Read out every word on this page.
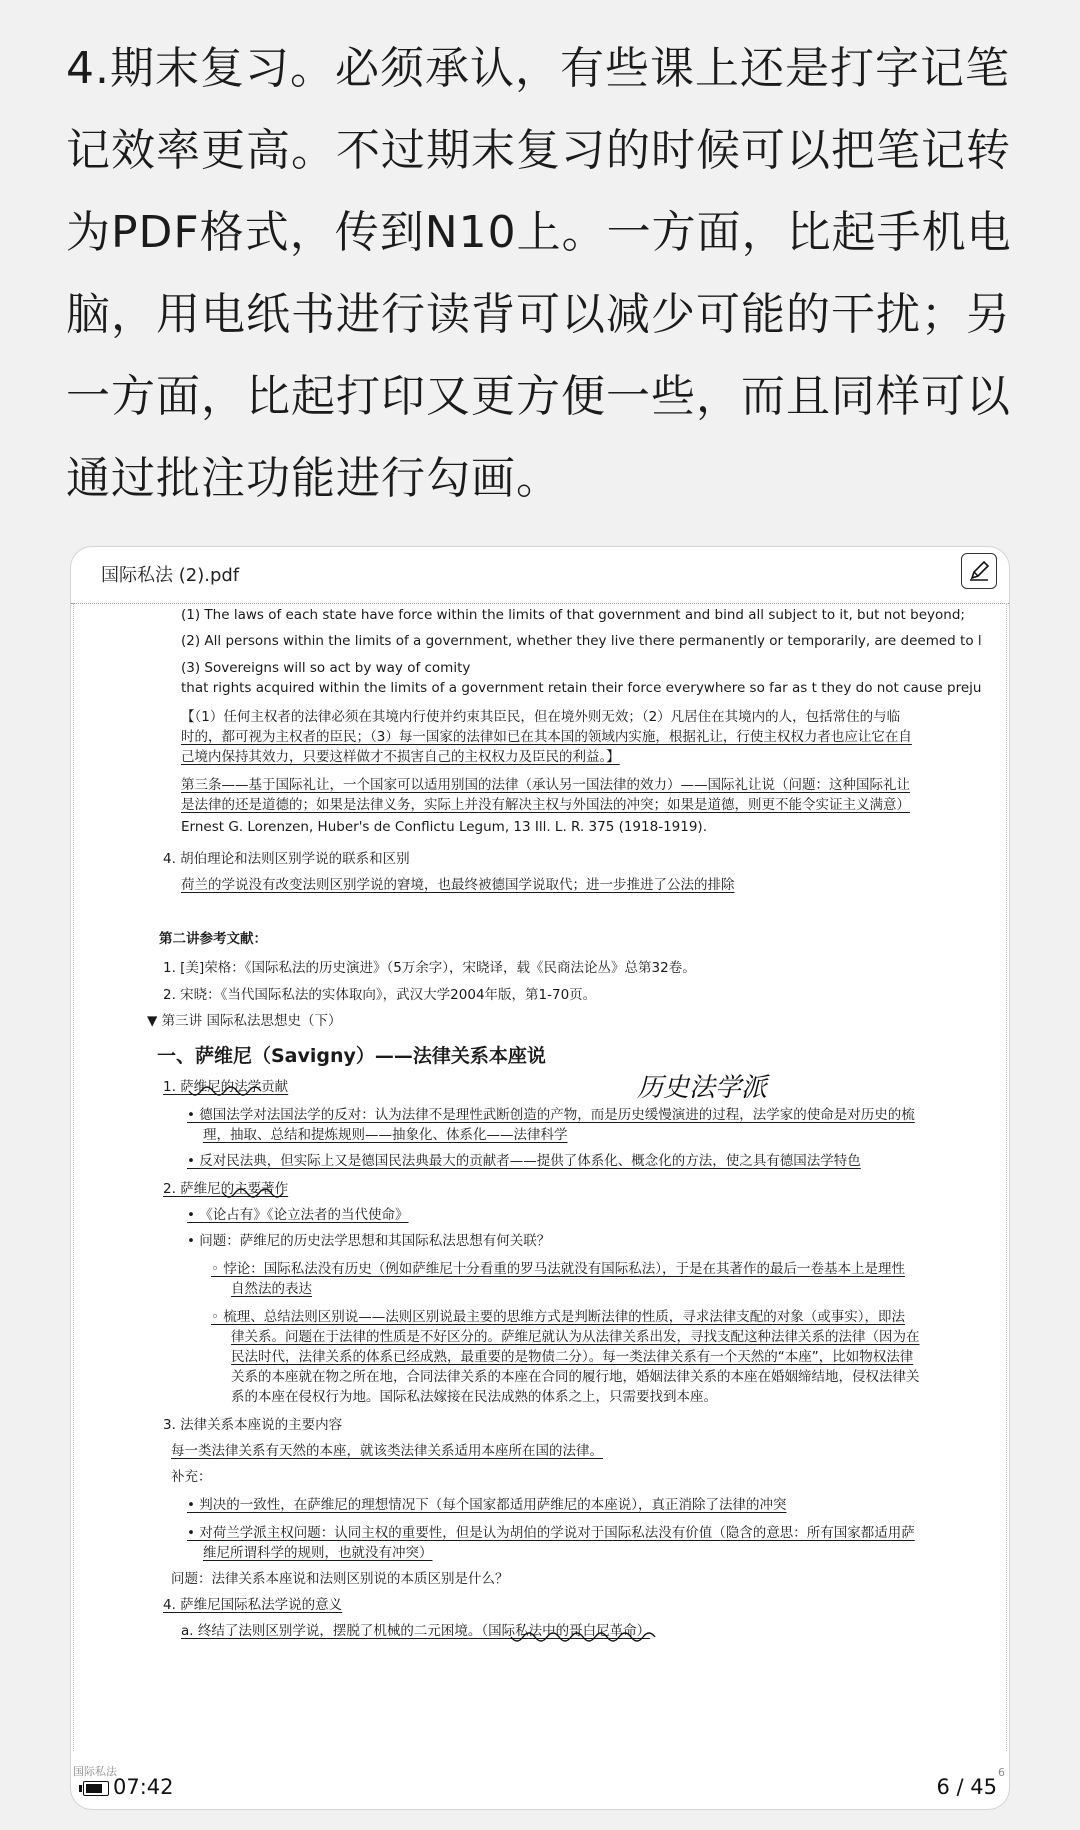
4.期末复习。必须承认，有些课上还是打字记笔记效率更高。不过期末复习的时候可以把笔记转为PDF格式，传到N10上。一方面，比起手机电脑，用电纸书进行读背可以减少可能的干扰；另一方面，比起打印又更方便一些，而且同样可以通过批注功能进行勾画。
国际私法 (2).pdf
(1) The laws of each state have force within the limits of that government and bind all subject to it, but not beyond;
(2) All persons within the limits of a government, whether they live there permanently or temporarily, are deemed to l
(3) Sovereigns will so act by way of comity
that rights acquired within the limits of a government retain their force everywhere so far as t they do not cause preju
【（1）任何主权者的法律必须在其境内行使并约束其臣民，但在境外则无效；（2）凡居住在其境内的人，包括常住的与临
时的，都可视为主权者的臣民；（3）每一国家的法律如已在其本国的领域内实施，根据礼让，行使主权权力者也应让它在自
己境内保持其效力，只要这样做才不损害自己的主权权力及臣民的利益。】
第三条——基于国际礼让，一个国家可以适用别国的法律（承认另一国法律的效力）——国际礼让说（问题：这种国际礼让
是法律的还是道德的；如果是法律义务，实际上并没有解决主权与外国法的冲突；如果是道德，则更不能令实证主义满意）
Ernest G. Lorenzen, Huber's de Conflictu Legum, 13 Ill. L. R. 375 (1918-1919).
4. 胡伯理论和法则区别学说的联系和区别
荷兰的学说没有改变法则区别学说的窘境，也最终被德国学说取代；进一步推进了公法的排除
第二讲参考文献：
1. [美]荣格：《国际私法的历史演进》（5万余字），宋晓译，载《民商法论丛》总第32卷。
2. 宋晓：《当代国际私法的实体取向》，武汉大学2004年版，第1-70页。
▼ 第三讲 国际私法思想史（下）
一、萨维尼（Savigny）——法律关系本座说
1. 萨维尼的法学贡献	历史法学派
• 德国法学对法国法学的反对：认为法律不是理性武断创造的产物，而是历史缓慢演进的过程，法学家的使命是对历史的梳
理，抽取、总结和提炼规则——抽象化、体系化——法律科学
• 反对民法典，但实际上又是德国民法典最大的贡献者——提供了体系化、概念化的方法，使之具有德国法学特色
2. 萨维尼的主要著作
• 《论占有》《论立法者的当代使命》
• 问题：萨维尼的历史法学思想和其国际私法思想有何关联？
◦ 悖论：国际私法没有历史（例如萨维尼十分看重的罗马法就没有国际私法），于是在其著作的最后一卷基本上是理性
自然法的表达
◦ 梳理、总结法则区别说——法则区别说最主要的思维方式是判断法律的性质，寻求法律支配的对象（或事实），即法
律关系。问题在于法律的性质是不好区分的。萨维尼就认为从法律关系出发，寻找支配这种法律关系的法律（因为在
民法时代，法律关系的体系已经成熟，最重要的是物债二分）。每一类法律关系有一个天然的“本座”，比如物权法律
关系的本座就在物之所在地，合同法律关系的本座在合同的履行地，婚姻法律关系的本座在婚姻缔结地，侵权法律关
系的本座在侵权行为地。国际私法嫁接在民法成熟的体系之上，只需要找到本座。
3. 法律关系本座说的主要内容
每一类法律关系有天然的本座，就该类法律关系适用本座所在国的法律。
补充：
• 判决的一致性，在萨维尼的理想情况下（每个国家都适用萨维尼的本座说），真正消除了法律的冲突
• 对荷兰学派主权问题：认同主权的重要性，但是认为胡伯的学说对于国际私法没有价值（隐含的意思：所有国家都适用萨
维尼所谓科学的规则，也就没有冲突）
问题：法律关系本座说和法则区别说的本质区别是什么？
4. 萨维尼国际私法学说的意义
a. 终结了法则区别学说，摆脱了机械的二元困境。（国际私法中的哥白尼革命）
国际私法	6
07:42	6 / 45
